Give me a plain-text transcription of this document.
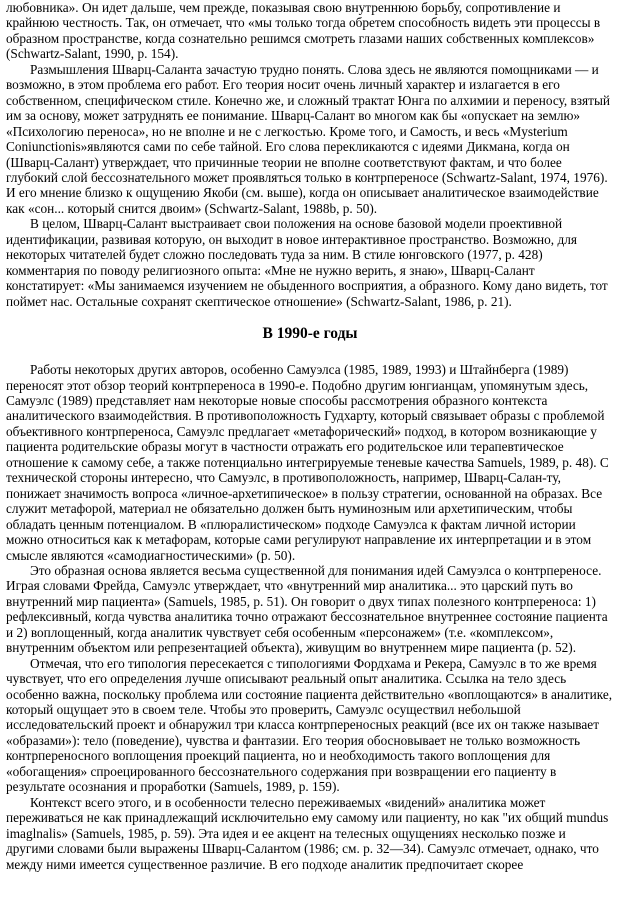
любовника». Он идет дальше, чем прежде, показывая свою внутреннюю борьбу, сопротивление и крайнюю честность. Так, он отмечает, что «мы только тогда обретем способность видеть эти процессы в образном пространстве, когда сознательно решимся смотреть глазами наших собственных комплексов» (Schwartz-Salant, 1990, p. 154).

Размышления Шварц-Саланта зачастую трудно понять. Слова здесь не являются помощниками — и возможно, в этом проблема его работ. Его теория носит очень личный характер и излагается в его собственном, специфическом стиле. Конечно же, и сложный трактат Юнга по алхимии и переносу, взятый им за основу, может затруднять ее понимание. Шварц-Салант во многом как бы «опускает на землю» «Психологию переноса», но не вполне и не с легкостью. Кроме того, и Самость, и весь «Mysterium Coniunctionis»являются сами по себе тайной. Его слова перекликаются с идеями Дикмана, когда он (Шварц-Салант) утверждает, что причинные теории не вполне соответствуют фактам, и что более глубокий слой бессознательного может проявляться только в контрпереносе (Schwartz-Salant, 1974, 1976). И его мнение близко к ощущению Якоби (см. выше), когда он описывает аналитическое взаимодействие как «сон... который снится двоим» (Schwartz-Salant, 1988b, p. 50).

В целом, Шварц-Салант выстраивает свои положения на основе базовой модели проективной идентификации, развивая которую, он выходит в новое интерактивное пространство. Возможно, для некоторых читателей будет сложно последовать туда за ним. В стиле юнговского (1977, p. 428) комментария по поводу религиозного опыта: «Мне не нужно верить, я знаю», Шварц-Салант констатирует: «Мы занимаемся изучением не обыденного восприятия, а образного. Кому дано видеть, тот поймет нас. Остальные сохранят скептическое отношение» (Schwartz-Salant, 1986, p. 21).

В 1990-е годы

Работы некоторых других авторов, особенно Самуэлса (1985, 1989, 1993) и Штайнберга (1989) переносят этот обзор теорий контрпереноса в 1990-е. Подобно другим юнгианцам, упомянутым здесь, Самуэлс (1989) представляет нам некоторые новые способы рассмотрения образного контекста аналитического взаимодействия. В противоположность Гудхарту, который связывает образы с проблемой объективного контрпереноса, Самуэлс предлагает «метафорический» подход, в котором возникающие у пациента родительские образы могут в частности отражать его родительское или терапевтическое отношение к самому себе, а также потенциально интегрируемые теневые качества Samuels, 1989, p. 48). С технической стороны интересно, что Самуэлс, в противоположность, например, Шварц-Салан-ту, понижает значимость вопроса «личное-архетипическое» в пользу стратегии, основанной на образах. Все служит метафорой, материал не обязательно должен быть нуминозным или архетипическим, чтобы обладать ценным потенциалом. В «плюралистическом» подходе Самуэлса к фактам личной истории можно относиться как к метафорам, которые сами регулируют направление их интерпретации и в этом смысле являются «самодиагностическими» (p. 50).

Это образная основа является весьма существенной для понимания идей Самуэлса о контрпереносе. Играя словами Фрейда, Самуэлс утверждает, что «внутренний мир аналитика... это царский путь во внутренний мир пациента» (Samuels, 1985, p. 51). Он говорит о двух типах полезного контрпереноса: 1) рефлексивный, когда чувства аналитика точно отражают бессознательное внутреннее состояние пациента и 2) воплощенный, когда аналитик чувствует себя особенным «персонажем» (т.е. «комплексом», внутренним объектом или репрезентацией объекта), живущим во внутреннем мире пациента (p. 52).

Отмечая, что его типология пересекается с типологиями Фордхама и Рекера, Самуэлс в то же время чувствует, что его определения лучше описывают реальный опыт аналитика. Ссылка на тело здесь особенно важна, поскольку проблема или состояние пациента действительно «воплощаются» в аналитике, который ощущает это в своем теле. Чтобы это проверить, Самуэлс осуществил небольшой исследовательский проект и обнаружил три класса контрпереносных реакций (все их он также называет «образами»): тело (поведение), чувства и фантазии. Его теория обосновывает не только возможность контрпереносного воплощения проекций пациента, но и необходимость такого воплощения для «обогащения» спроецированного бессознательного содержания при возвращении его пациенту в результате осознания и проработки (Samuels, 1989, p. 159).

Контекст всего этого, и в особенности телесно переживаемых «видений» аналитика может переживаться не как принадлежащий исключительно ему самому или пациенту, но как "их общий mundus imaglnalis» (Samuels, 1985, p. 59). Эта идея и ее акцент на телесных ощущениях несколько позже и другими словами были выражены Шварц-Салантом (1986; см. p. 32—34). Самуэлс отмечает, однако, что между ними имеется существенное различие. В его подходе аналитик предпочитает скорее
